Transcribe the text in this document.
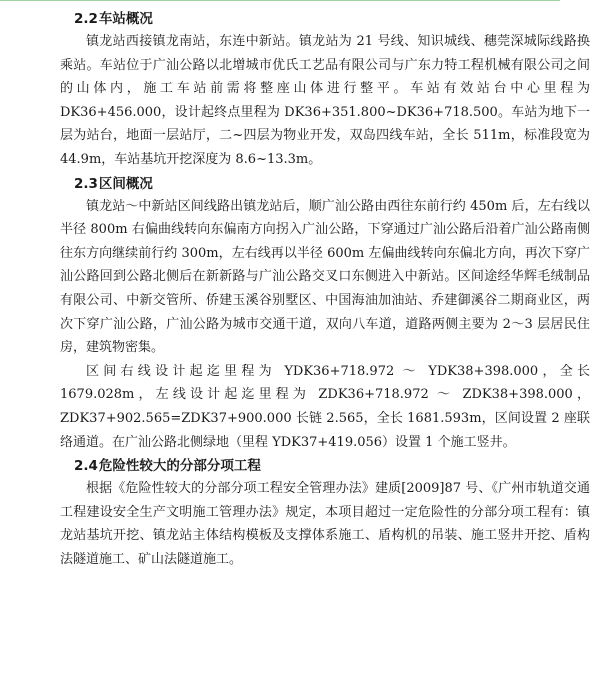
2.2车站概况

镇龙站西接镇龙南站，东连中新站。镇龙站为 21 号线、知识城线、穗莞深城际线路换乘站。车站位于广汕公路以北增城市优氏工艺品有限公司与广东力特工程机械有限公司之间的山体内，施工车站前需将整座山体进行整平。车站有效站台中心里程为 DK36+456.000，设计起终点里程为 DK36+351.800~DK36+718.500。车站为地下一层为站台，地面一层站厅，二~四层为物业开发，双岛四线车站，全长 511m，标准段宽为 44.9m，车站基坑开挖深度为 8.6~13.3m。

2.3区间概况

镇龙站～中新站区间线路出镇龙站后，顺广汕公路由西往东前行约 450m 后，左右线以半径 800m 右偏曲线转向东偏南方向拐入广汕公路，下穿通过广汕公路后沿着广汕公路南侧往东方向继续前行约 300m，左右线再以半径 600m 左偏曲线转向东偏北方向，再次下穿广汕公路回到公路北侧后在新新路与广汕公路交叉口东侧进入中新站。区间途经华辉毛绒制品有限公司、中新交管所、侨建玉溪谷别墅区、中国海油加油站、乔建御溪谷二期商业区，两次下穿广汕公路，广汕公路为城市交通干道，双向八车道，道路两侧主要为 2～3 层居民住房，建筑物密集。

区间右线设计起迄里程为 YDK36+718.972 ～ YDK38+398.000，全长 1679.028m，左线设计起迄里程为 ZDK36+718.972 ～ ZDK38+398.000，ZDK37+902.565=ZDK37+900.000 长链 2.565，全长 1681.593m，区间设置 2 座联络通道。在广汕公路北侧绿地（里程 YDK37+419.056）设置 1 个施工竖井。

2.4危险性较大的分部分项工程

根据《危险性较大的分部分项工程安全管理办法》建质[2009]87 号、《广州市轨道交通工程建设安全生产文明施工管理办法》规定，本项目超过一定危险性的分部分项工程有：镇龙站基坑开挖、镇龙站主体结构模板及支撑体系施工、盾构机的吊装、施工竖井开挖、盾构法隧道施工、矿山法隧道施工。
